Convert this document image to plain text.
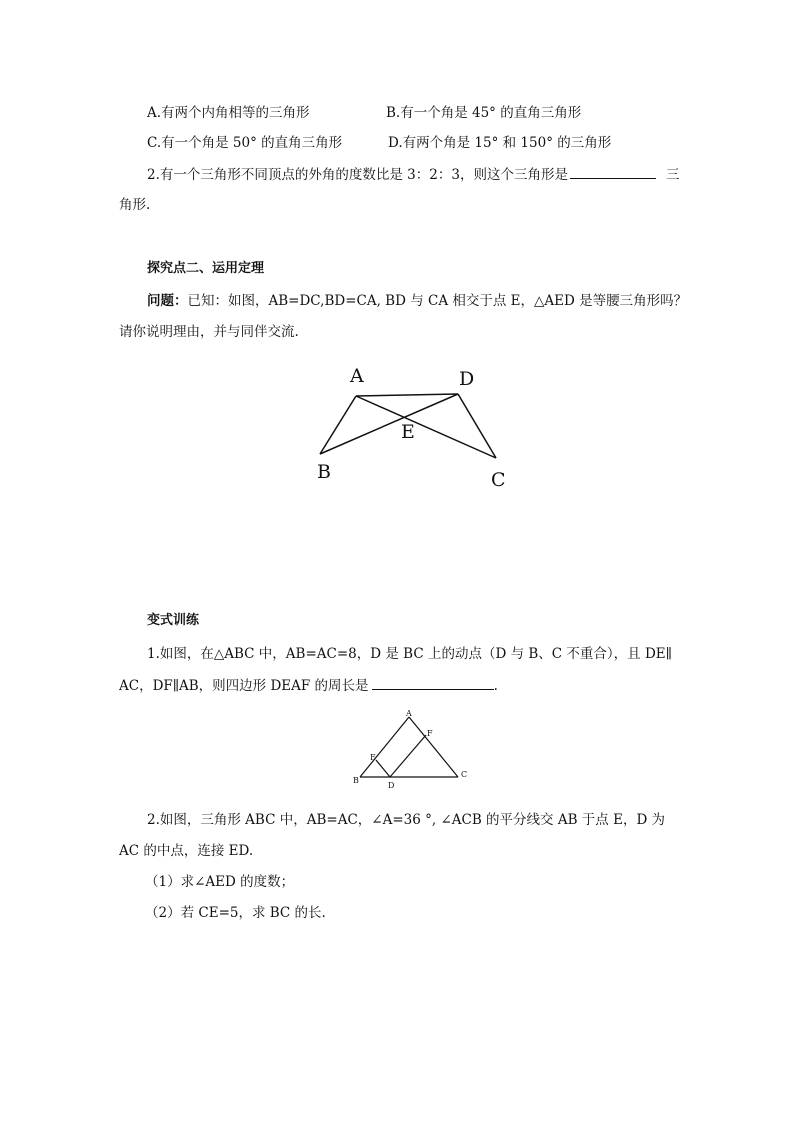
A.有两个内角相等的三角形	B.有一个角是 45° 的直角三角形
C.有一个角是 50° 的直角三角形	D.有两个角是 15° 和 150° 的三角形
2.有一个三角形不同顶点的外角的度数比是 3：2：3，则这个三角形是	三
角形.
探究点二、运用定理
问题：已知：如图，AB=DC,BD=CA, BD 与 CA 相交于点 E，△AED 是等腰三角形吗？
请你说明理由，并与同伴交流.
A	D
E
B	C
变式训练
1.如图，在△ABC 中，AB=AC=8，D 是 BC 上的动点（D 与 B、C 不重合），且 DE∥
AC，DF∥AB，则四边形 DEAF 的周长是	.
A
F
E
B
D
C
2.如图，三角形 ABC 中，AB=AC，∠A=36 °, ∠ACB 的平分线交 AB 于点 E，D 为
AC 的中点，连接 ED.
（1）求∠AED 的度数；
（2）若 CE=5，求 BC 的长.
